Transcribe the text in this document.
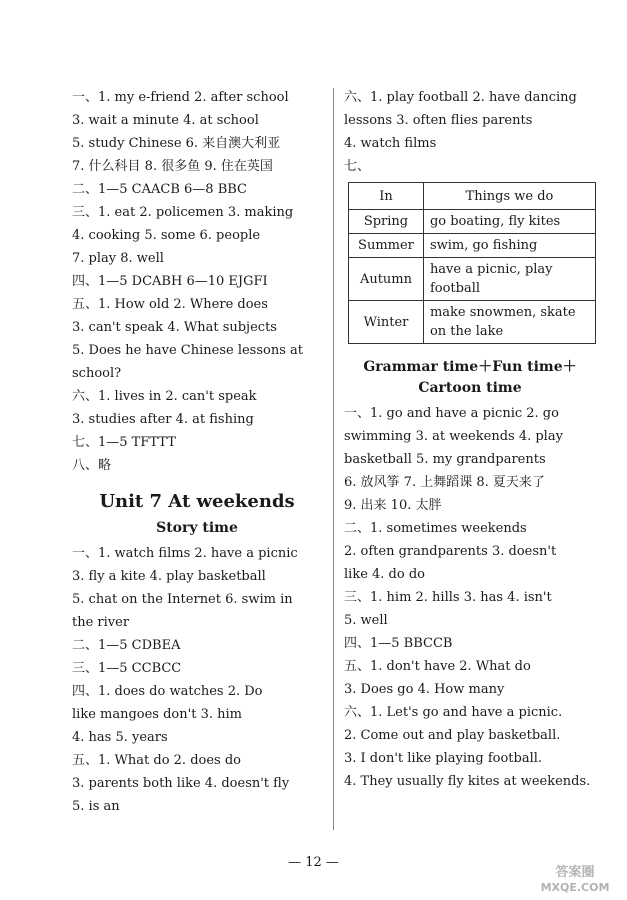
一、1. my e-friend 2. after school

3. wait a minute 4. at school

5. study Chinese 6. 来自澳大利亚

7. 什么科目 8. 很多鱼 9. 住在英国

二、1—5 CAACB 6—8 BBC

三、1. eat 2. policemen 3. making

4. cooking 5. some 6. people

7. play 8. well

四、1—5 DCABH 6—10 EJGFI

五、1. How old 2. Where does

3. can't speak 4. What subjects

5. Does he have Chinese lessons at

school?

六、1. lives in 2. can't speak

3. studies after 4. at fishing

七、1—5 TFTTT

八、略

Unit 7 At weekends
Story time

一、1. watch films 2. have a picnic

3. fly a kite 4. play basketball

5. chat on the Internet 6. swim in

the river

二、1—5 CDBEA

三、1—5 CCBCC

四、1. does do watches 2. Do

like mangoes don't 3. him

4. has 5. years

五、1. What do 2. does do

3. parents both like 4. doesn't fly

5. is an

六、1. play football 2. have dancing

lessons 3. often flies parents

4. watch films

七、

In	Things we do
Spring	go boating, fly kites
Summer	swim, go fishing
Autumn	have a picnic, play football
Winter	make snowmen, skate on the lake
Grammar time＋Fun time＋
Cartoon time

一、1. go and have a picnic 2. go

swimming 3. at weekends 4. play

basketball 5. my grandparents

6. 放风筝 7. 上舞蹈课 8. 夏天来了

9. 出来 10. 太胖

二、1. sometimes weekends

2. often grandparents 3. doesn't

like 4. do do

三、1. him 2. hills 3. has 4. isn't

5. well

四、1—5 BBCCB

五、1. don't have 2. What do

3. Does go 4. How many

六、1. Let's go and have a picnic.

2. Come out and play basketball.

3. I don't like playing football.

4. They usually fly kites at weekends.

— 12 —
答案圈
MXQE.COM
